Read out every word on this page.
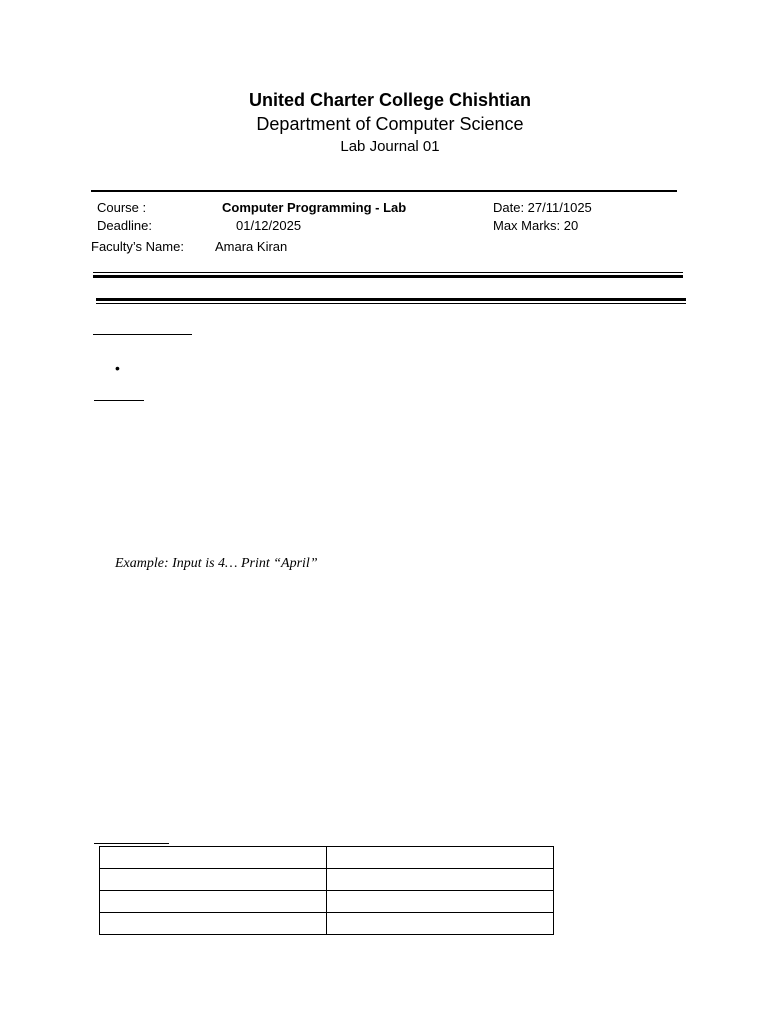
United Charter College Chishtian
Department of Computer Science
Lab Journal 01
Course :	Computer Programming - Lab	Date: 27/11/1025
Deadline:	01/12/2025	Max Marks: 20
Faculty’s Name: Amara Kiran
•
Example: Input is 4… Print “April”
